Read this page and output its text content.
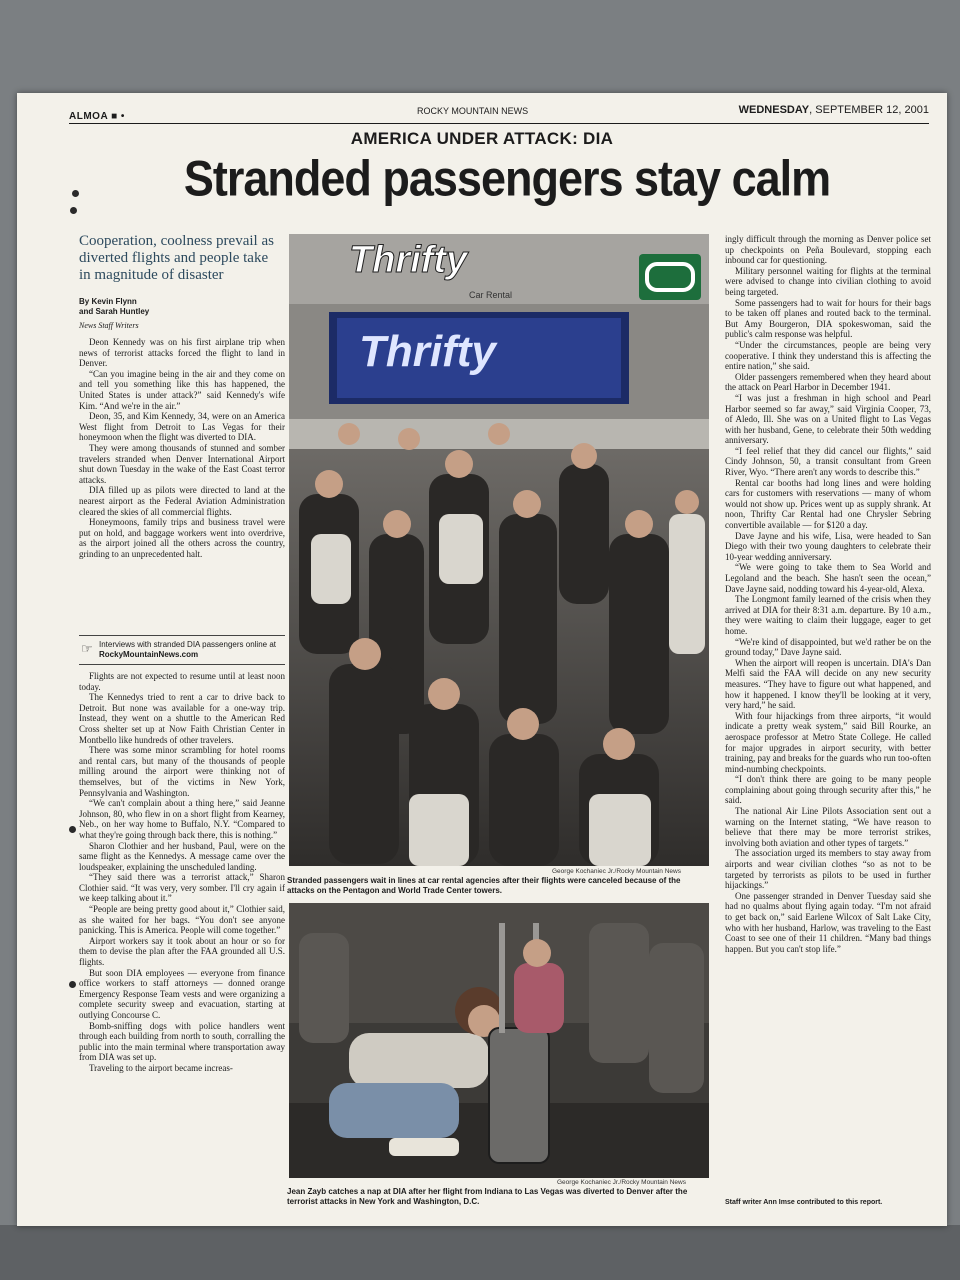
ALMOA ■ •	ROCKY MOUNTAIN NEWS	WEDNESDAY, SEPTEMBER 12, 2001
AMERICA UNDER ATTACK: DIA
Stranded passengers stay calm
Cooperation, coolness prevail as diverted flights and people take in magnitude of disaster
By Kevin Flynn
and Sarah Huntley
News Staff Writers

Deon Kennedy was on his first airplane trip when news of terrorist attacks forced the flight to land in Denver.

“Can you imagine being in the air and they come on and tell you something like this has happened, the United States is under attack?” said Kennedy's wife Kim. “And we're in the air.”

Deon, 35, and Kim Kennedy, 34, were on an America West flight from Detroit to Las Vegas for their honeymoon when the flight was diverted to DIA.

They were among thousands of stunned and somber travelers stranded when Denver International Airport shut down Tuesday in the wake of the East Coast terror attacks.

DIA filled up as pilots were directed to land at the nearest airport as the Federal Aviation Administration cleared the skies of all commercial flights.

Honeymoons, family trips and business travel were put on hold, and baggage workers went into overdrive, as the airport joined all the others across the country, grinding to an unprecedented halt.

☞ Interviews with stranded DIA passengers online at RockyMountainNews.com

Flights are not expected to resume until at least noon today.

The Kennedys tried to rent a car to drive back to Detroit. But none was available for a one-way trip. Instead, they went on a shuttle to the American Red Cross shelter set up at Now Faith Christian Center in Montbello like hundreds of other travelers.

There was some minor scrambling for hotel rooms and rental cars, but many of the thousands of people milling around the airport were thinking not of themselves, but of the victims in New York, Pennsylvania and Washington.

“We can't complain about a thing here,” said Jeanne Johnson, 80, who flew in on a short flight from Kearney, Neb., on her way home to Buffalo, N.Y. “Compared to what they're going through back there, this is nothing.”

Sharon Clothier and her husband, Paul, were on the same flight as the Kennedys. A message came over the loudspeaker, explaining the unscheduled landing.

“They said there was a terrorist attack,” Sharon Clothier said. “It was very, very somber. I'll cry again if we keep talking about it.”

“People are being pretty good about it,” Clothier said, as she waited for her bags. “You don't see anyone panicking. This is America. People will come together.”

Airport workers say it took about an hour or so for them to devise the plan after the FAA grounded all U.S. flights.

But soon DIA employees — everyone from finance office workers to staff attorneys — donned orange Emergency Response Team vests and were organizing a complete security sweep and evacuation, starting at outlying Concourse C.

Bomb-sniffing dogs with police handlers went through each building from north to south, corralling the public into the main terminal where transportation away from DIA was set up.

Traveling to the airport became increas-

Thrifty
Car Rental
Thrifty
George Kochaniec Jr./Rocky Mountain News
Stranded passengers wait in lines at car rental agencies after their flights were canceled because of the attacks on the Pentagon and World Trade Center towers.
George Kochaniec Jr./Rocky Mountain News
Jean Zayb catches a nap at DIA after her flight from Indiana to Las Vegas was diverted to Denver after the terrorist attacks in New York and Washington, D.C.

ingly difficult through the morning as Denver police set up checkpoints on Peña Boulevard, stopping each inbound car for questioning.

Military personnel waiting for flights at the terminal were advised to change into civilian clothing to avoid being targeted.

Some passengers had to wait for hours for their bags to be taken off planes and routed back to the terminal. But Amy Bourgeron, DIA spokeswoman, said the public's calm response was helpful.

“Under the circumstances, people are being very cooperative. I think they understand this is affecting the entire nation,” she said.

Older passengers remembered when they heard about the attack on Pearl Harbor in December 1941.

“I was just a freshman in high school and Pearl Harbor seemed so far away,” said Virginia Cooper, 73, of Aledo, Ill. She was on a United flight to Las Vegas with her husband, Gene, to celebrate their 50th wedding anniversary.

“I feel relief that they did cancel our flights,” said Cindy Johnson, 50, a transit consultant from Green River, Wyo. “There aren't any words to describe this.”

Rental car booths had long lines and were holding cars for customers with reservations — many of whom would not show up. Prices went up as supply shrank. At noon, Thrifty Car Rental had one Chrysler Sebring convertible available — for $120 a day.

Dave Jayne and his wife, Lisa, were headed to San Diego with their two young daughters to celebrate their 10-year wedding anniversary.

“We were going to take them to Sea World and Legoland and the beach. She hasn't seen the ocean,” Dave Jayne said, nodding toward his 4-year-old, Alexa.

The Longmont family learned of the crisis when they arrived at DIA for their 8:31 a.m. departure. By 10 a.m., they were waiting to claim their luggage, eager to get home.

“We're kind of disappointed, but we'd rather be on the ground today,” Dave Jayne said.

When the airport will reopen is uncertain. DIA's Dan Melfi said the FAA will decide on any new security measures. “They have to figure out what happened, and how it happened. I know they'll be looking at it very, very hard,” he said.

With four hijackings from three airports, “it would indicate a pretty weak system,” said Bill Rourke, an aerospace professor at Metro State College. He called for major upgrades in airport security, with better training, pay and breaks for the guards who run too-often mind-numbing checkpoints.

“I don't think there are going to be many people complaining about going through security after this,” he said.

The national Air Line Pilots Association sent out a warning on the Internet stating, “We have reason to believe that there may be more terrorist strikes, involving both aviation and other types of targets.”

The association urged its members to stay away from airports and wear civilian clothes “so as not to be targeted by terrorists as pilots to be used in further hijackings.”

One passenger stranded in Denver Tuesday said she had no qualms about flying again today. “I'm not afraid to get back on,” said Earlene Wilcox of Salt Lake City, who with her husband, Harlow, was traveling to the East Coast to see one of their 11 children. “Many bad things happen. But you can't stop life.”

Staff writer Ann Imse contributed to this report.
